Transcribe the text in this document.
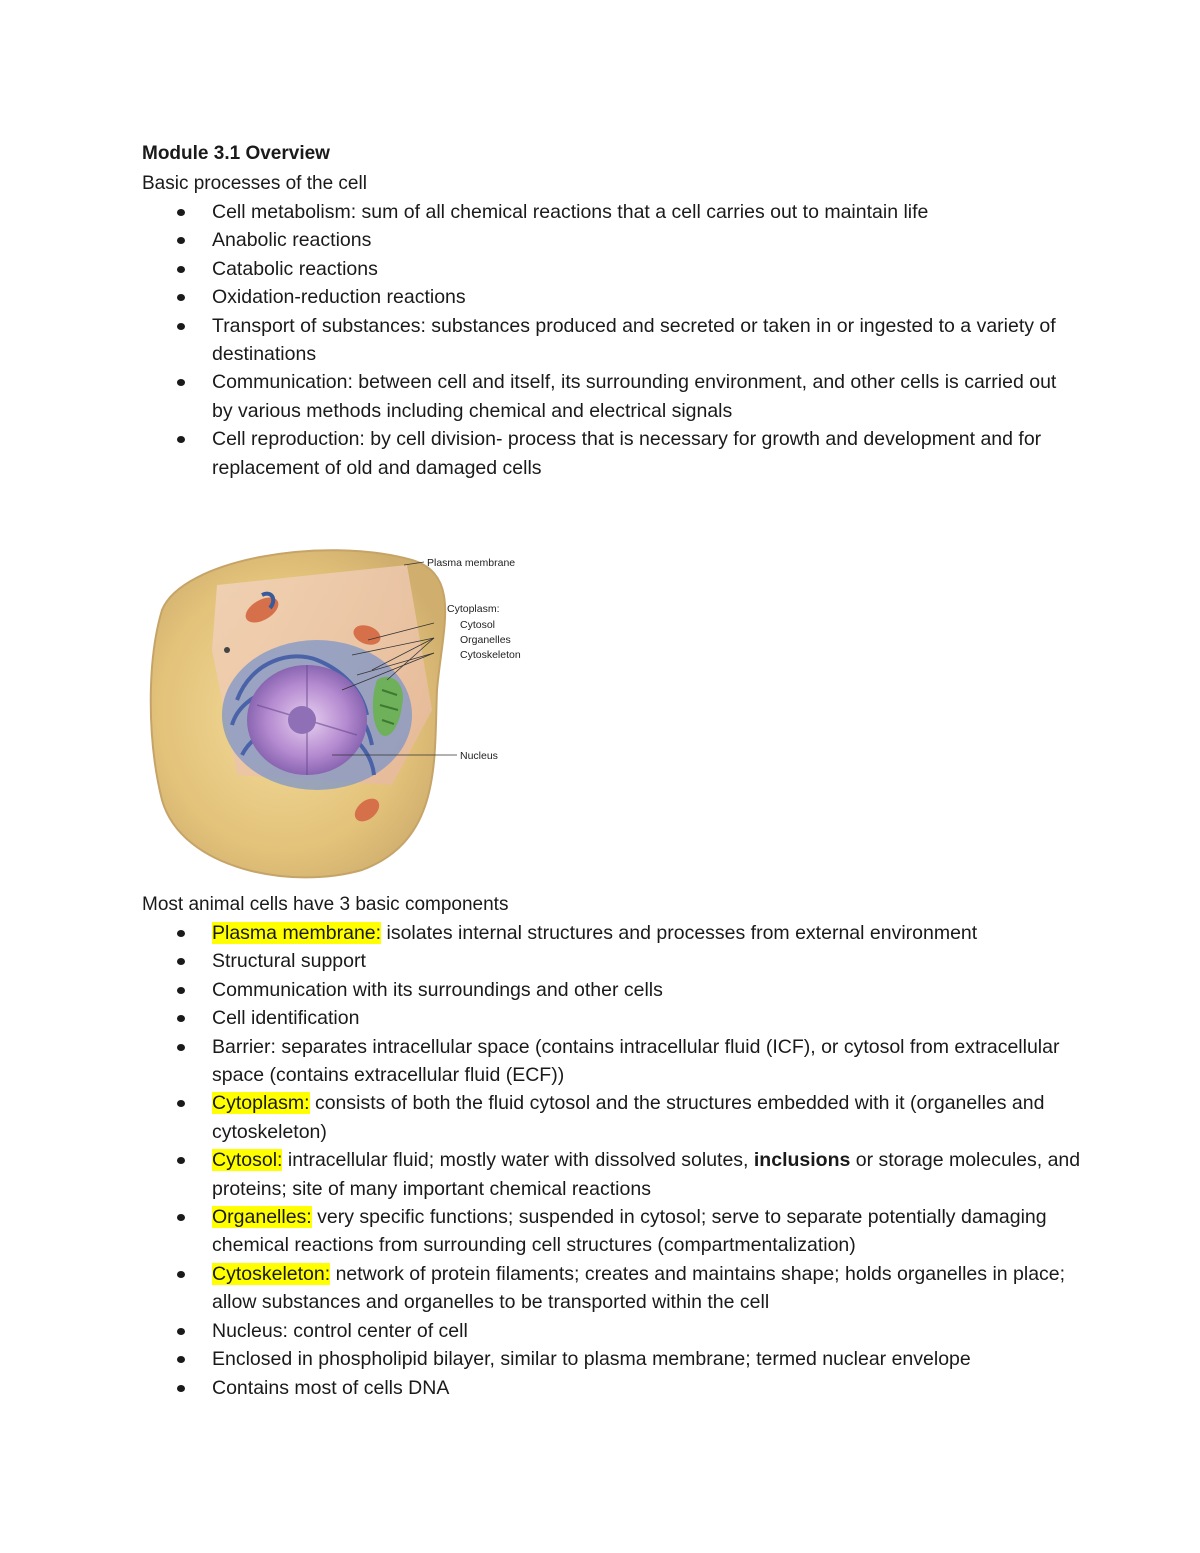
Module 3.1 Overview
Basic processes of the cell
Cell metabolism: sum of all chemical reactions that a cell carries out to maintain life
Anabolic reactions
Catabolic reactions
Oxidation-reduction reactions
Transport of substances: substances produced and secreted or taken in or ingested to a variety of destinations
Communication: between cell and itself, its surrounding environment, and other cells is carried out by various methods including chemical and electrical signals
Cell reproduction: by cell division- process that is necessary for growth and development and for replacement of old and damaged cells
Plasma membrane
Cytoplasm:
Cytosol
Organelles
Cytoskeleton
Nucleus
Most animal cells have 3 basic components
Plasma membrane: isolates internal structures and processes from external environment
Structural support
Communication with its surroundings and other cells
Cell identification
Barrier: separates intracellular space (contains intracellular fluid (ICF), or cytosol from extracellular space (contains extracellular fluid (ECF))
Cytoplasm: consists of both the fluid cytosol and the structures embedded with it (organelles and cytoskeleton)
Cytosol: intracellular fluid; mostly water with dissolved solutes, inclusions or storage molecules, and proteins; site of many important chemical reactions
Organelles: very specific functions; suspended in cytosol; serve to separate potentially damaging chemical reactions from surrounding cell structures (compartmentalization)
Cytoskeleton: network of protein filaments; creates and maintains shape; holds organelles in place; allow substances and organelles to be transported within the cell
Nucleus: control center of cell
Enclosed in phospholipid bilayer, similar to plasma membrane; termed nuclear envelope
Contains most of cells DNA
